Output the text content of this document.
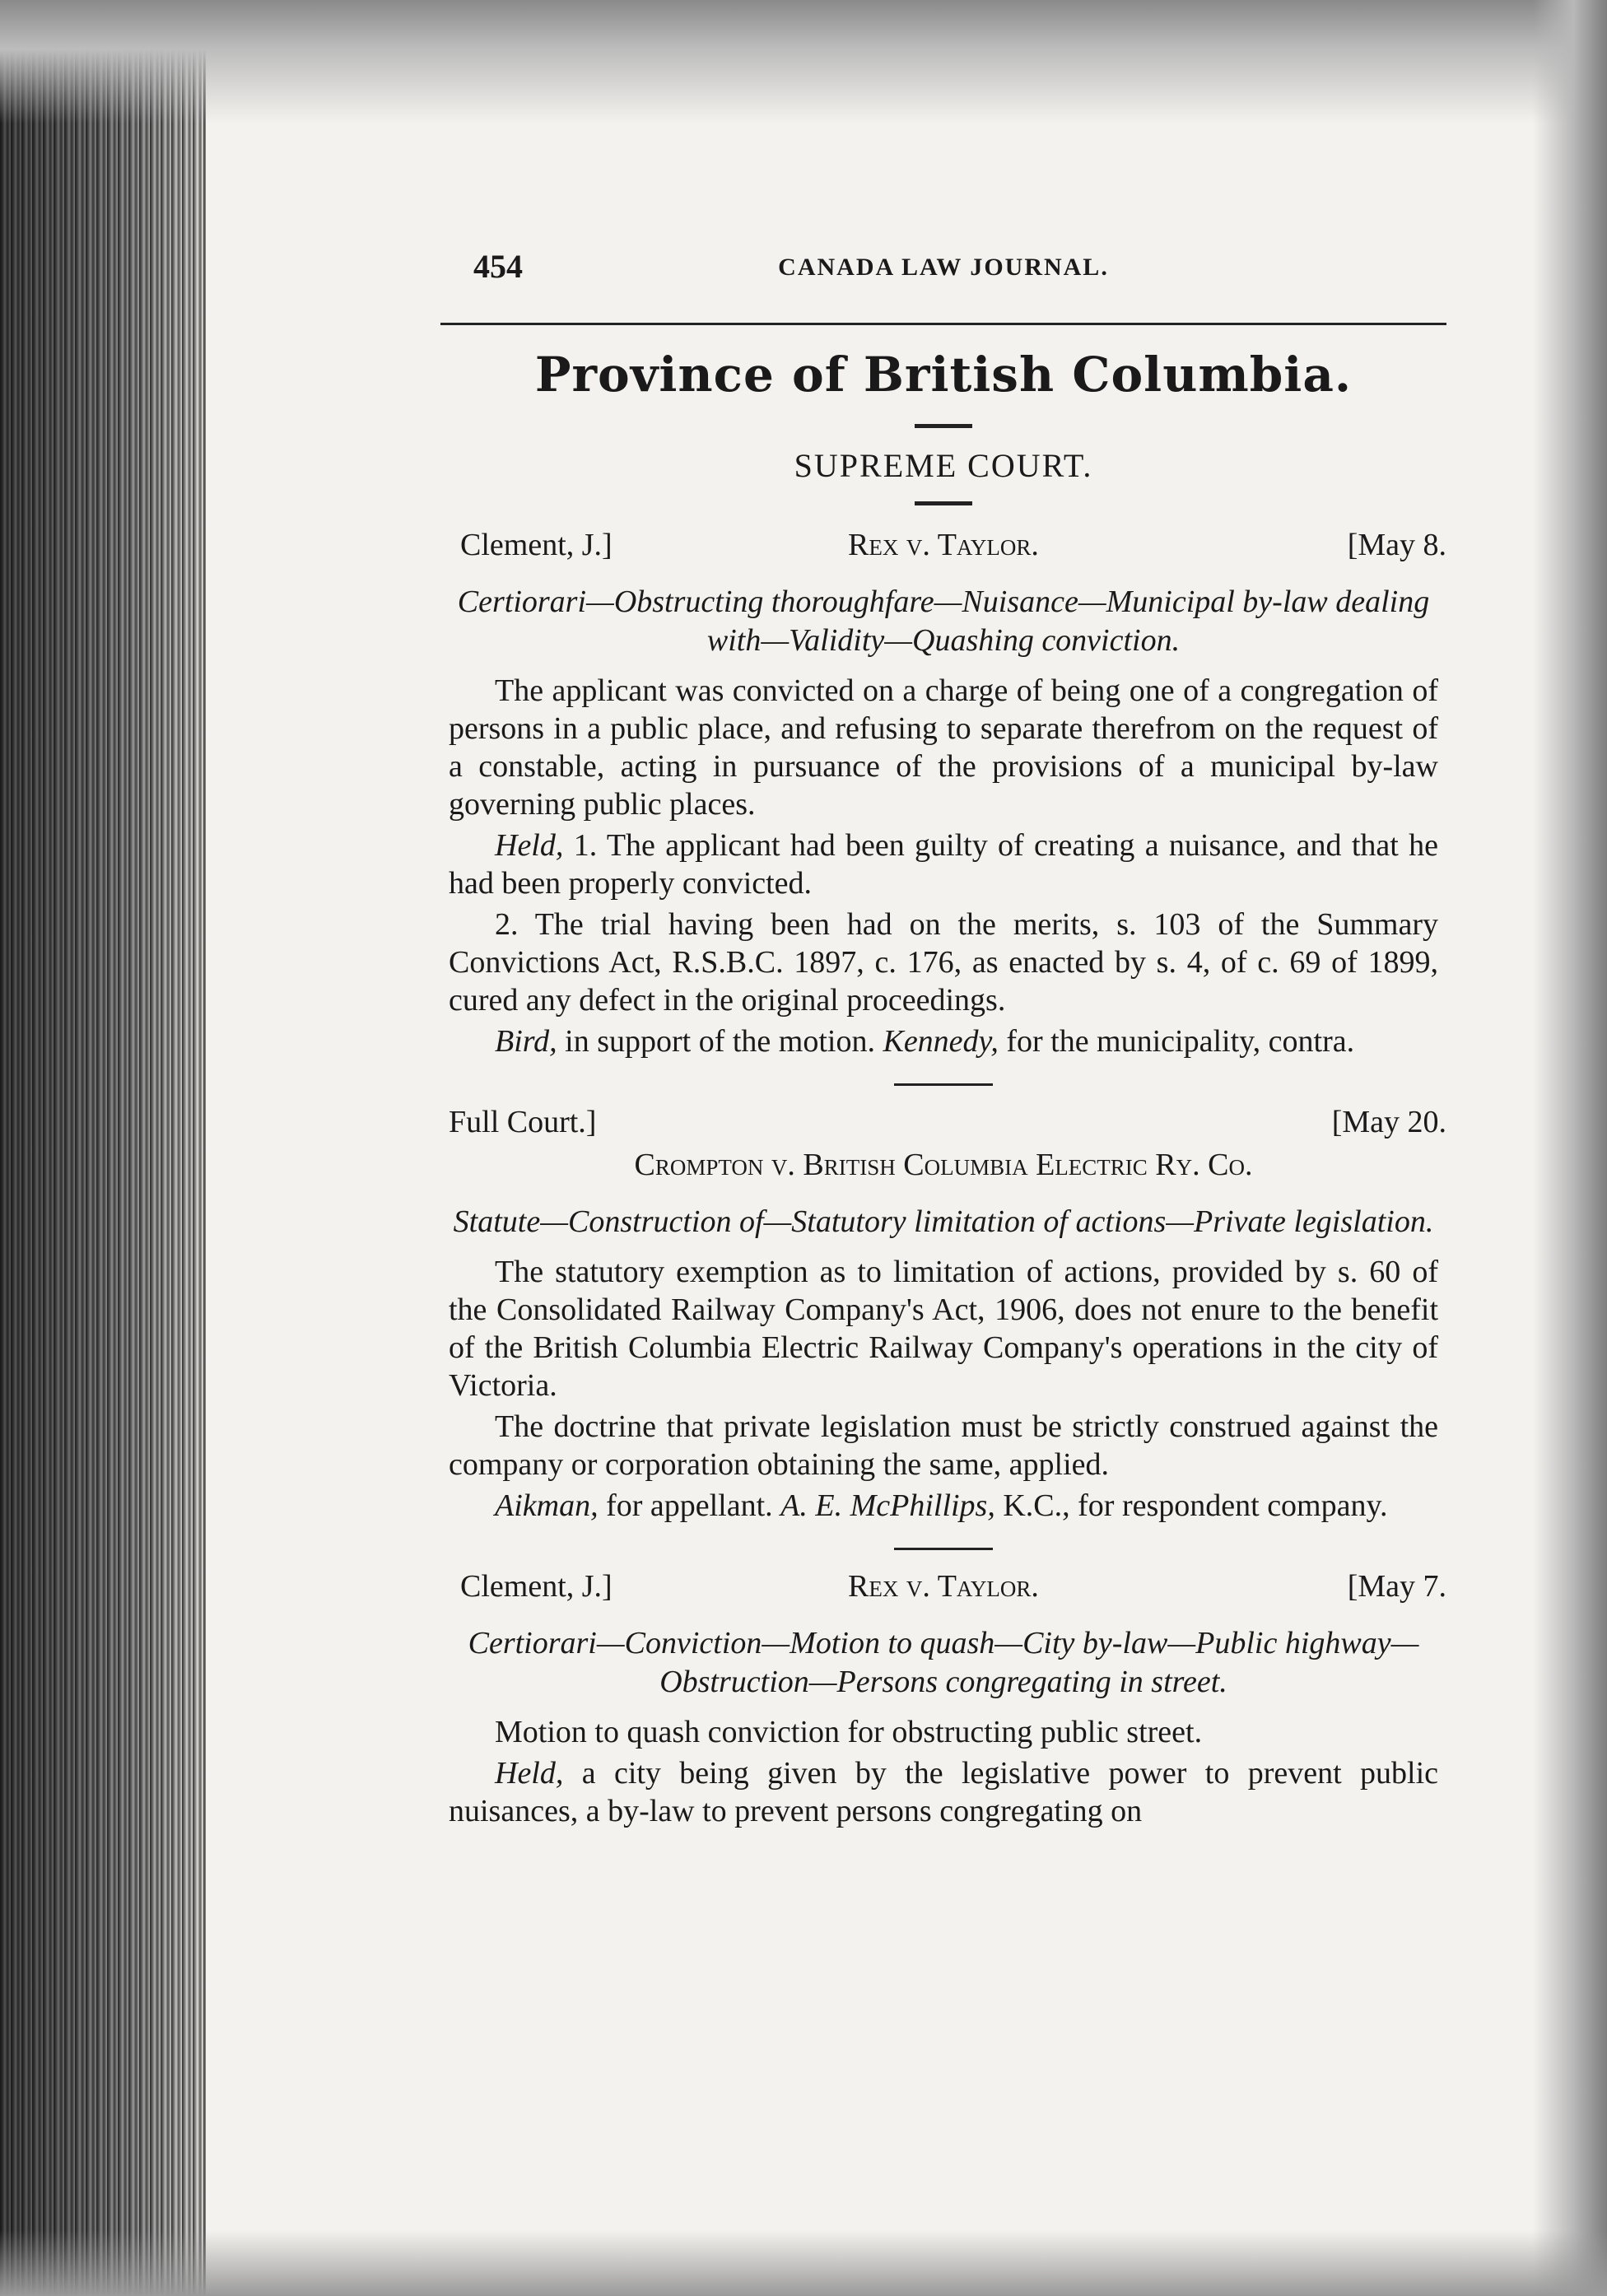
454	CANADA LAW JOURNAL.
Province of British Columbia.
SUPREME COURT.
Clement, J.]	Rex v. Taylor.	[May 8.
Certiorari—Obstructing thoroughfare—Nuisance—Municipal by-law dealing with—Validity—Quashing conviction.

The applicant was convicted on a charge of being one of a congregation of persons in a public place, and refusing to separate therefrom on the request of a constable, acting in pursuance of the provisions of a municipal by-law governing public places.

Held, 1. The applicant had been guilty of creating a nuisance, and that he had been properly convicted.

2. The trial having been had on the merits, s. 103 of the Summary Convictions Act, R.S.B.C. 1897, c. 176, as enacted by s. 4, of c. 69 of 1899, cured any defect in the original proceedings.

Bird, in support of the motion. Kennedy, for the municipality, contra.

Full Court.]	[May 20.
Crompton v. British Columbia Electric Ry. Co.
Statute—Construction of—Statutory limitation of actions—Private legislation.

The statutory exemption as to limitation of actions, provided by s. 60 of the Consolidated Railway Company's Act, 1906, does not enure to the benefit of the British Columbia Electric Railway Company's operations in the city of Victoria.

The doctrine that private legislation must be strictly construed against the company or corporation obtaining the same, applied.

Aikman, for appellant. A. E. McPhillips, K.C., for respondent company.

Clement, J.]	Rex v. Taylor.	[May 7.
Certiorari—Conviction—Motion to quash—City by-law—Public highway—Obstruction—Persons congregating in street.

Motion to quash conviction for obstructing public street.

Held, a city being given by the legislative power to prevent public nuisances, a by-law to prevent persons congregating on
